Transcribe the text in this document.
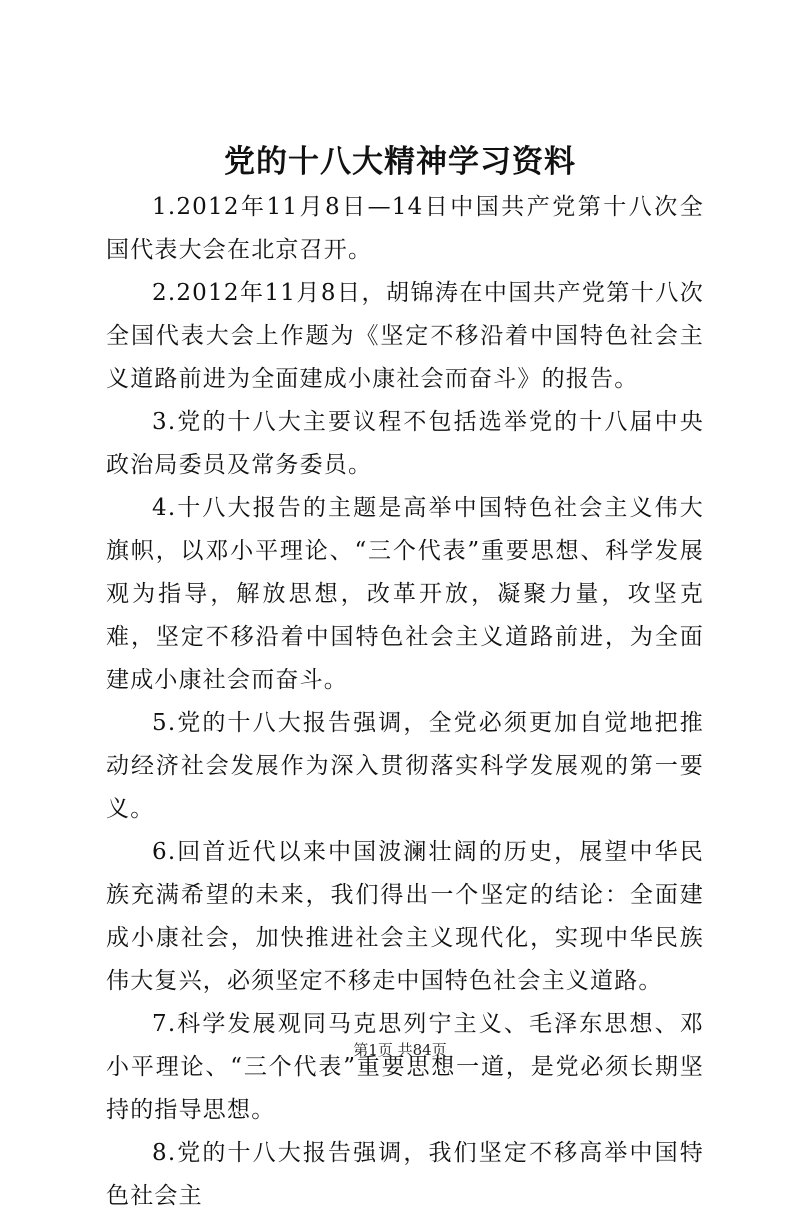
党的十八大精神学习资料

1.2012年11月8日—14日中国共产党第十八次全国代表大会在北京召开。

2.2012年11月8日，胡锦涛在中国共产党第十八次全国代表大会上作题为《坚定不移沿着中国特色社会主义道路前进为全面建成小康社会而奋斗》的报告。

3.党的十八大主要议程不包括选举党的十八届中央政治局委员及常务委员。

4.十八大报告的主题是高举中国特色社会主义伟大旗帜，以邓小平理论、“三个代表”重要思想、科学发展观为指导，解放思想，改革开放，凝聚力量，攻坚克难，坚定不移沿着中国特色社会主义道路前进，为全面建成小康社会而奋斗。

5.党的十八大报告强调，全党必须更加自觉地把推动经济社会发展作为深入贯彻落实科学发展观的第一要义。

6.回首近代以来中国波澜壮阔的历史，展望中华民族充满希望的未来，我们得出一个坚定的结论：全面建成小康社会，加快推进社会主义现代化，实现中华民族伟大复兴，必须坚定不移走中国特色社会主义道路。

7.科学发展观同马克思列宁主义、毛泽东思想、邓小平理论、“三个代表”重要思想一道，是党必须长期坚持的指导思想。

8.党的十八大报告强调，我们坚定不移高举中国特色社会主

第1页 共84页
